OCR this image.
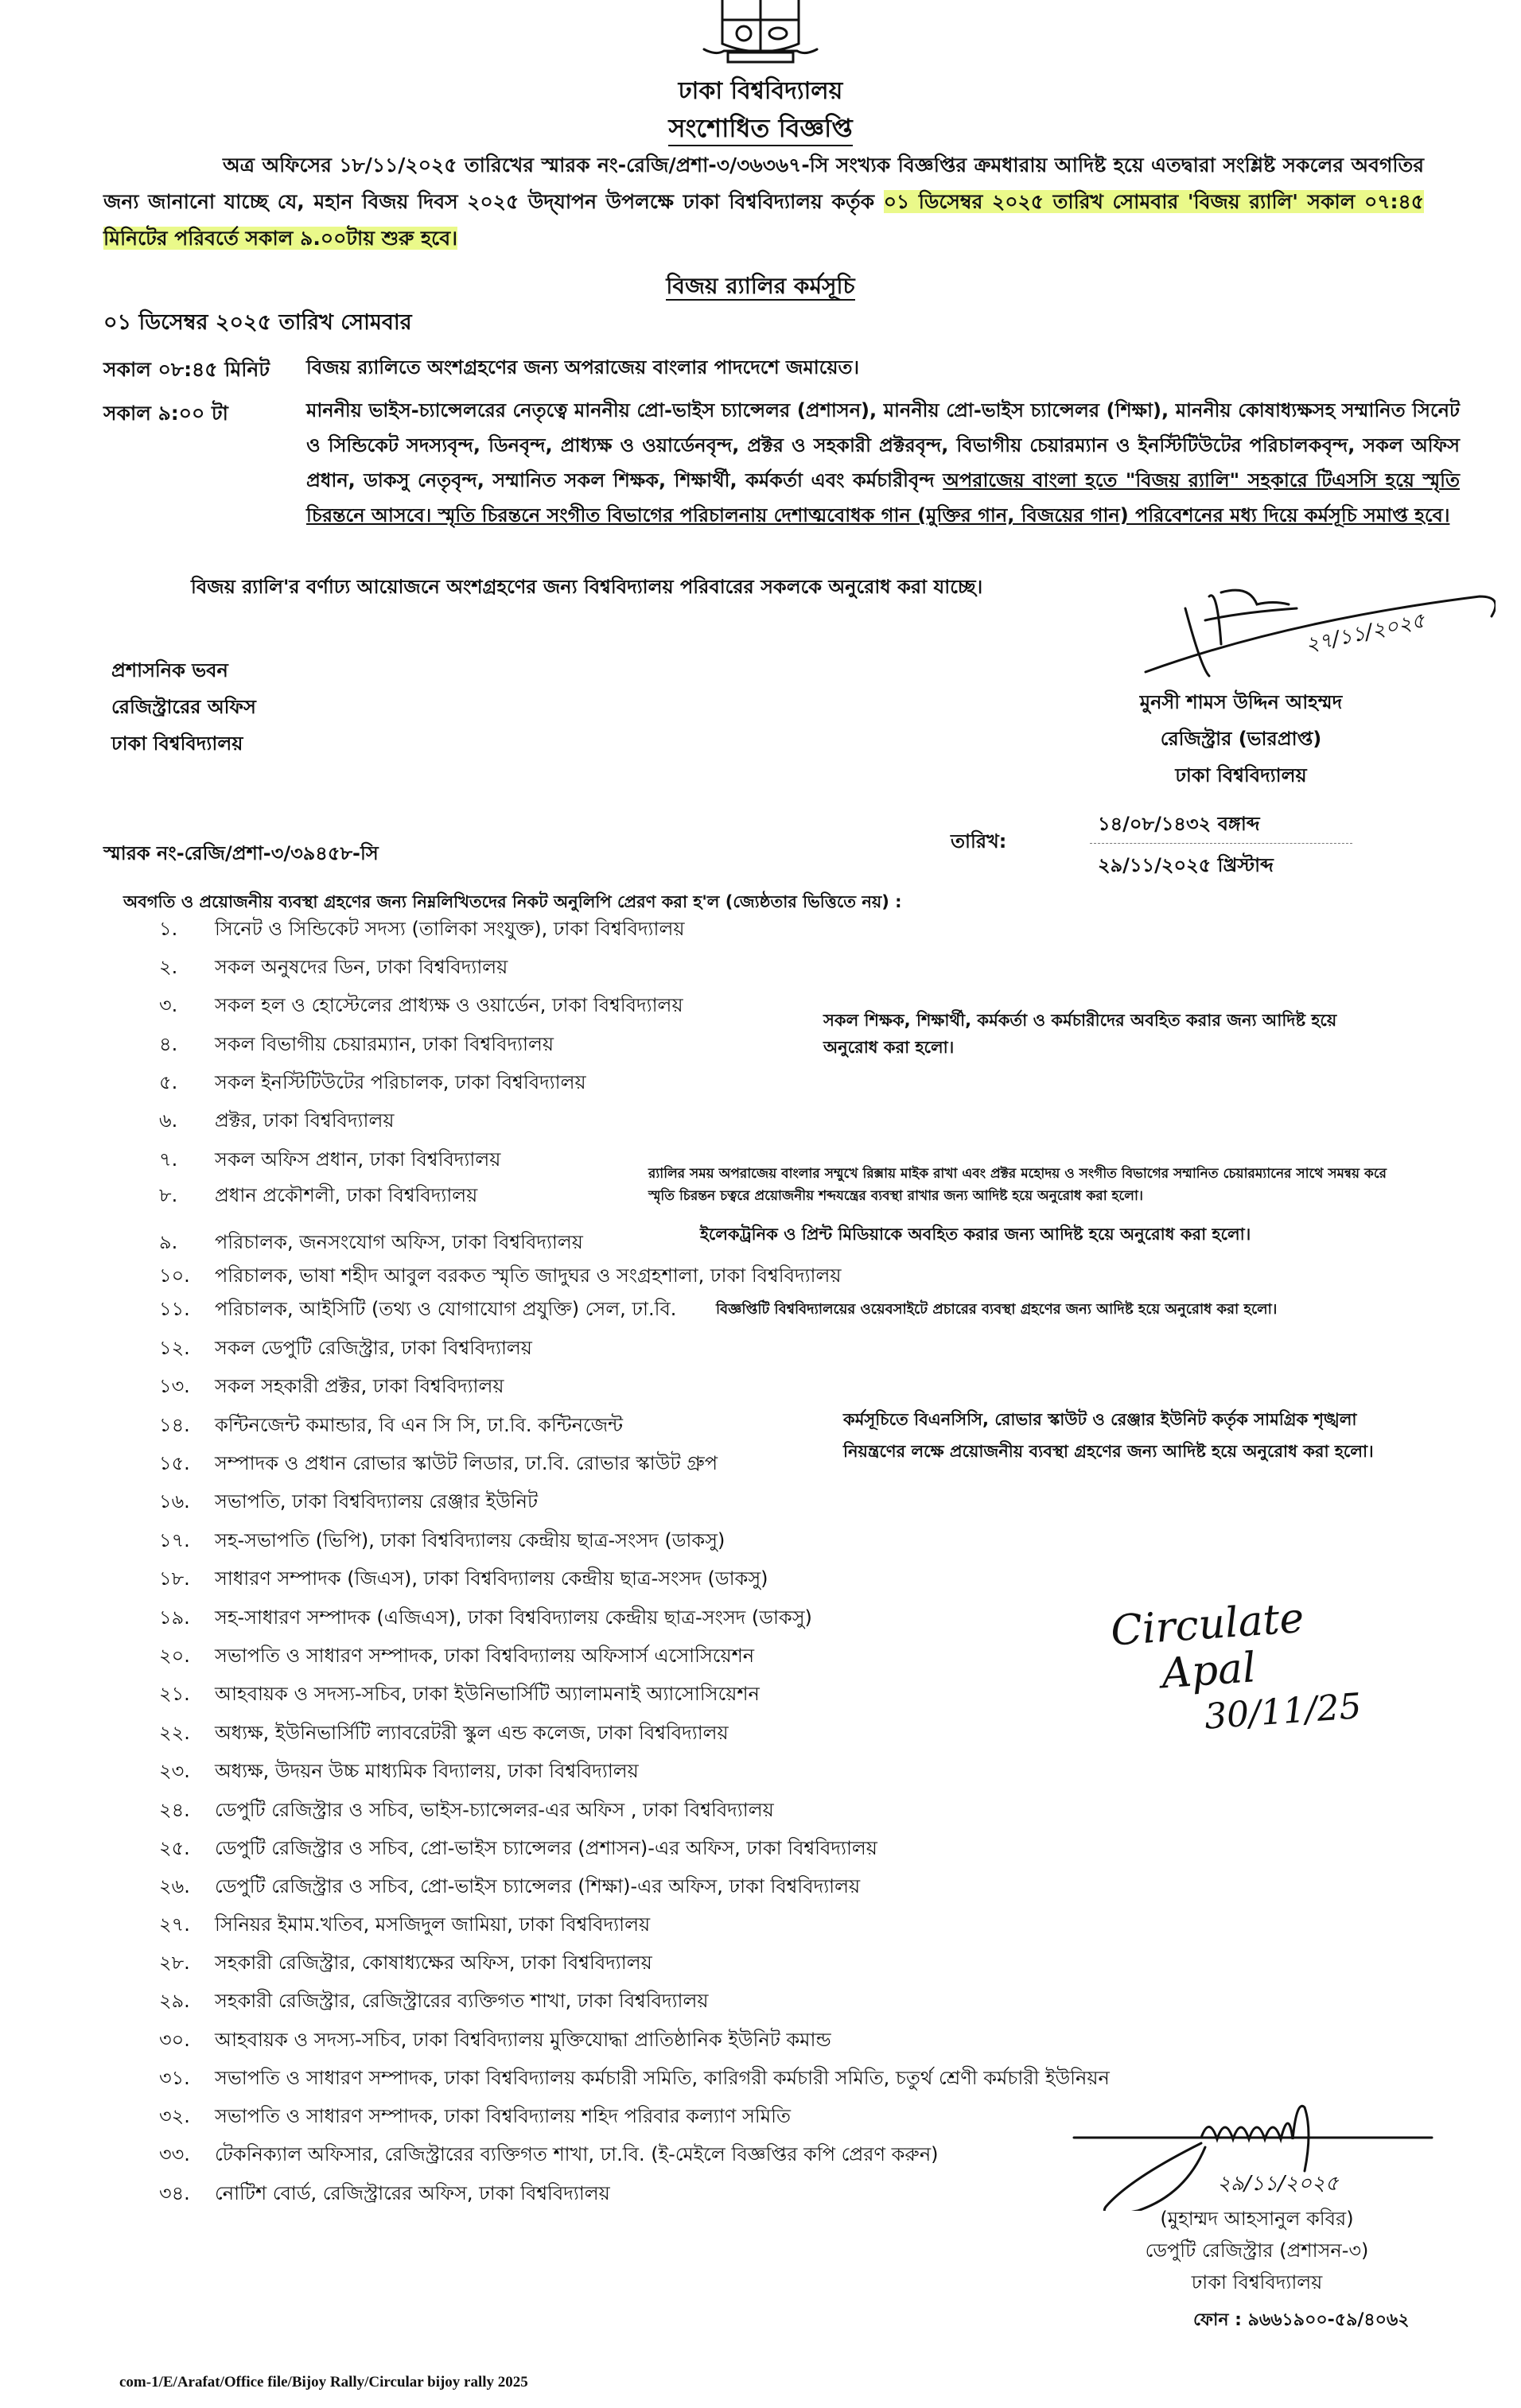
ঢাকা বিশ্ববিদ্যালয়
সংশোধিত বিজ্ঞপ্তি
অত্র অফিসের ১৮/১১/২০২৫ তারিখের স্মারক নং-রেজি/প্রশা-৩/৩৬৩৬৭-সি সংখ্যক বিজ্ঞপ্তির ক্রমধারায় আদিষ্ট হয়ে এতদ্বারা সংশ্লিষ্ট সকলের অবগতির জন্য জানানো যাচ্ছে যে, মহান বিজয় দিবস ২০২৫ উদ্‌যাপন উপলক্ষে ঢাকা বিশ্ববিদ্যালয় কর্তৃক ০১ ডিসেম্বর ২০২৫ তারিখ সোমবার 'বিজয় র‍্যালি' সকাল ০৭:৪৫ মিনিটের পরিবর্তে সকাল ৯.০০টায় শুরু হবে।
বিজয় র‍্যালির কর্মসূচি
০১ ডিসেম্বর ২০২৫ তারিখ সোমবার
সকাল ০৮:৪৫ মিনিট বিজয় র‍্যালিতে অংশগ্রহণের জন্য অপরাজেয় বাংলার পাদদেশে জমায়েত।
সকাল ৯:০০ টা	মাননীয় ভাইস-চ্যান্সেলরের নেতৃত্বে মাননীয় প্রো-ভাইস চ্যান্সেলর (প্রশাসন), মাননীয় প্রো-ভাইস চ্যান্সেলর (শিক্ষা), মাননীয় কোষাধ্যক্ষসহ সম্মানিত সিনেট ও সিন্ডিকেট সদস্যবৃন্দ, ডিনবৃন্দ, প্রাধ্যক্ষ ও ওয়ার্ডেনবৃন্দ, প্রক্টর ও সহকারী প্রক্টরবৃন্দ, বিভাগীয় চেয়ারম্যান ও ইনস্টিটিউটের পরিচালকবৃন্দ, সকল অফিস প্রধান, ডাকসু নেতৃবৃন্দ, সম্মানিত সকল শিক্ষক, শিক্ষার্থী, কর্মকর্তা এবং কর্মচারীবৃন্দ অপরাজেয় বাংলা হতে "বিজয় র‍্যালি" সহকারে টিএসসি হয়ে স্মৃতি চিরন্তনে আসবে। স্মৃতি চিরন্তনে সংগীত বিভাগের পরিচালনায় দেশাত্মবোধক গান (মুক্তির গান, বিজয়ের গান) পরিবেশনের মধ্য দিয়ে কর্মসূচি সমাপ্ত হবে।
বিজয় র‍্যালি'র বর্ণাঢ্য আয়োজনে অংশগ্রহণের জন্য বিশ্ববিদ্যালয় পরিবারের সকলকে অনুরোধ করা যাচ্ছে।
প্রশাসনিক ভবন
রেজিস্ট্রারের অফিস
ঢাকা বিশ্ববিদ্যালয়
২৭/১১/২০২৫
মুনসী শামস উদ্দিন আহম্মদ
রেজিস্ট্রার (ভারপ্রাপ্ত)
ঢাকা বিশ্ববিদ্যালয়
স্মারক নং-রেজি/প্রশা-৩/৩৯৪৫৮-সি
তারিখ:
১৪/০৮/১৪৩২ বঙ্গাব্দ
২৯/১১/২০২৫ খ্রিস্টাব্দ
অবগতি ও প্রয়োজনীয় ব্যবস্থা গ্রহণের জন্য নিম্নলিখিতদের নিকট অনুলিপি প্রেরণ করা হ'ল (জ্যেষ্ঠতার ভিত্তিতে নয়) :
১. সিনেট ও সিন্ডিকেট সদস্য (তালিকা সংযুক্ত), ঢাকা বিশ্ববিদ্যালয়
২. সকল অনুষদের ডিন, ঢাকা বিশ্ববিদ্যালয়
৩. সকল হল ও হোস্টেলের প্রাধ্যক্ষ ও ওয়ার্ডেন, ঢাকা বিশ্ববিদ্যালয়
৪. সকল বিভাগীয় চেয়ারম্যান, ঢাকা বিশ্ববিদ্যালয়
৫. সকল ইনস্টিটিউটের পরিচালক, ঢাকা বিশ্ববিদ্যালয়
৬. প্রক্টর, ঢাকা বিশ্ববিদ্যালয়
৭. সকল অফিস প্রধান, ঢাকা বিশ্ববিদ্যালয়
৮. প্রধান প্রকৌশলী, ঢাকা বিশ্ববিদ্যালয়
৯. পরিচালক, জনসংযোগ অফিস, ঢাকা বিশ্ববিদ্যালয়
১০. পরিচালক, ভাষা শহীদ আবুল বরকত স্মৃতি জাদুঘর ও সংগ্রহশালা, ঢাকা বিশ্ববিদ্যালয়
১১. পরিচালক, আইসিটি (তথ্য ও যোগাযোগ প্রযুক্তি) সেল, ঢা.বি.
১২. সকল ডেপুটি রেজিস্ট্রার, ঢাকা বিশ্ববিদ্যালয়
১৩. সকল সহকারী প্রক্টর, ঢাকা বিশ্ববিদ্যালয়
১৪. কন্টিনজেন্ট কমান্ডার, বি এন সি সি, ঢা.বি. কন্টিনজেন্ট
১৫. সম্পাদক ও প্রধান রোভার স্কাউট লিডার, ঢা.বি. রোভার স্কাউট গ্রুপ
১৬. সভাপতি, ঢাকা বিশ্ববিদ্যালয় রেঞ্জার ইউনিট
১৭. সহ-সভাপতি (ভিপি), ঢাকা বিশ্ববিদ্যালয় কেন্দ্রীয় ছাত্র-সংসদ (ডাকসু)
১৮. সাধারণ সম্পাদক (জিএস), ঢাকা বিশ্ববিদ্যালয় কেন্দ্রীয় ছাত্র-সংসদ (ডাকসু)
১৯. সহ-সাধারণ সম্পাদক (এজিএস), ঢাকা বিশ্ববিদ্যালয় কেন্দ্রীয় ছাত্র-সংসদ (ডাকসু)
২০. সভাপতি ও সাধারণ সম্পাদক, ঢাকা বিশ্ববিদ্যালয় অফিসার্স এসোসিয়েশন
২১. আহবায়ক ও সদস্য-সচিব, ঢাকা ইউনিভার্সিটি অ্যালামনাই অ্যাসোসিয়েশন
২২. অধ্যক্ষ, ইউনিভার্সিটি ল্যাবরেটরী স্কুল এন্ড কলেজ, ঢাকা বিশ্ববিদ্যালয়
২৩. অধ্যক্ষ, উদয়ন উচ্চ মাধ্যমিক বিদ্যালয়, ঢাকা বিশ্ববিদ্যালয়
২৪. ডেপুটি রেজিস্ট্রার ও সচিব, ভাইস-চ্যান্সেলর-এর অফিস , ঢাকা বিশ্ববিদ্যালয়
২৫. ডেপুটি রেজিস্ট্রার ও সচিব, প্রো-ভাইস চ্যান্সেলর (প্রশাসন)-এর অফিস, ঢাকা বিশ্ববিদ্যালয়
২৬. ডেপুটি রেজিস্ট্রার ও সচিব, প্রো-ভাইস চ্যান্সেলর (শিক্ষা)-এর অফিস, ঢাকা বিশ্ববিদ্যালয়
২৭. সিনিয়র ইমাম.খতিব, মসজিদুল জামিয়া, ঢাকা বিশ্ববিদ্যালয়
২৮. সহকারী রেজিস্ট্রার, কোষাধ্যক্ষের অফিস, ঢাকা বিশ্ববিদ্যালয়
২৯. সহকারী রেজিস্ট্রার, রেজিস্ট্রারের ব্যক্তিগত শাখা, ঢাকা বিশ্ববিদ্যালয়
৩০. আহবায়ক ও সদস্য-সচিব, ঢাকা বিশ্ববিদ্যালয় মুক্তিযোদ্ধা প্রাতিষ্ঠানিক ইউনিট কমান্ড
৩১. সভাপতি ও সাধারণ সম্পাদক, ঢাকা বিশ্ববিদ্যালয় কর্মচারী সমিতি, কারিগরী কর্মচারী সমিতি, চতুর্থ শ্রেণী কর্মচারী ইউনিয়ন
৩২. সভাপতি ও সাধারণ সম্পাদক, ঢাকা বিশ্ববিদ্যালয় শহিদ পরিবার কল্যাণ সমিতি
৩৩. টেকনিক্যাল অফিসার, রেজিস্ট্রারের ব্যক্তিগত শাখা, ঢা.বি. (ই-মেইলে বিজ্ঞপ্তির কপি প্রেরণ করুন)
৩৪. নোটিশ বোর্ড, রেজিস্ট্রারের অফিস, ঢাকা বিশ্ববিদ্যালয়
সকল শিক্ষক, শিক্ষার্থী, কর্মকর্তা ও কর্মচারীদের অবহিত করার জন্য আদিষ্ট হয়ে অনুরোধ করা হলো।
র‍্যালির সময় অপরাজেয় বাংলার সম্মুখে রিক্সায় মাইক রাখা এবং প্রক্টর মহোদয় ও সংগীত বিভাগের সম্মানিত চেয়ারম্যানের সাথে সমন্বয় করে স্মৃতি চিরন্তন চত্বরে প্রয়োজনীয় শব্দযন্ত্রের ব্যবস্থা রাখার জন্য আদিষ্ট হয়ে অনুরোধ করা হলো।
ইলেকট্রনিক ও প্রিন্ট মিডিয়াকে অবহিত করার জন্য আদিষ্ট হয়ে অনুরোধ করা হলো।
বিজ্ঞপ্তিটি বিশ্ববিদ্যালয়ের ওয়েবসাইটে প্রচারের ব্যবস্থা গ্রহণের জন্য আদিষ্ট হয়ে অনুরোধ করা হলো।
কর্মসূচিতে বিএনসিসি, রোভার স্কাউট ও রেঞ্জার ইউনিট কর্তৃক সামগ্রিক শৃঙ্খলা নিয়ন্ত্রণের লক্ষে প্রয়োজনীয় ব্যবস্থা গ্রহণের জন্য আদিষ্ট হয়ে অনুরোধ করা হলো।
Circulate
Apal
30/11/25
২৯/১১/২০২৫
(মুহাম্মদ আহসানুল কবির)
ডেপুটি রেজিস্ট্রার (প্রশাসন-৩)
ঢাকা বিশ্ববিদ্যালয়
ফোন : ৯৬৬১৯০০-৫৯/৪০৬২
com-1/E/Arafat/Office file/Bijoy Rally/Circular bijoy rally 2025
